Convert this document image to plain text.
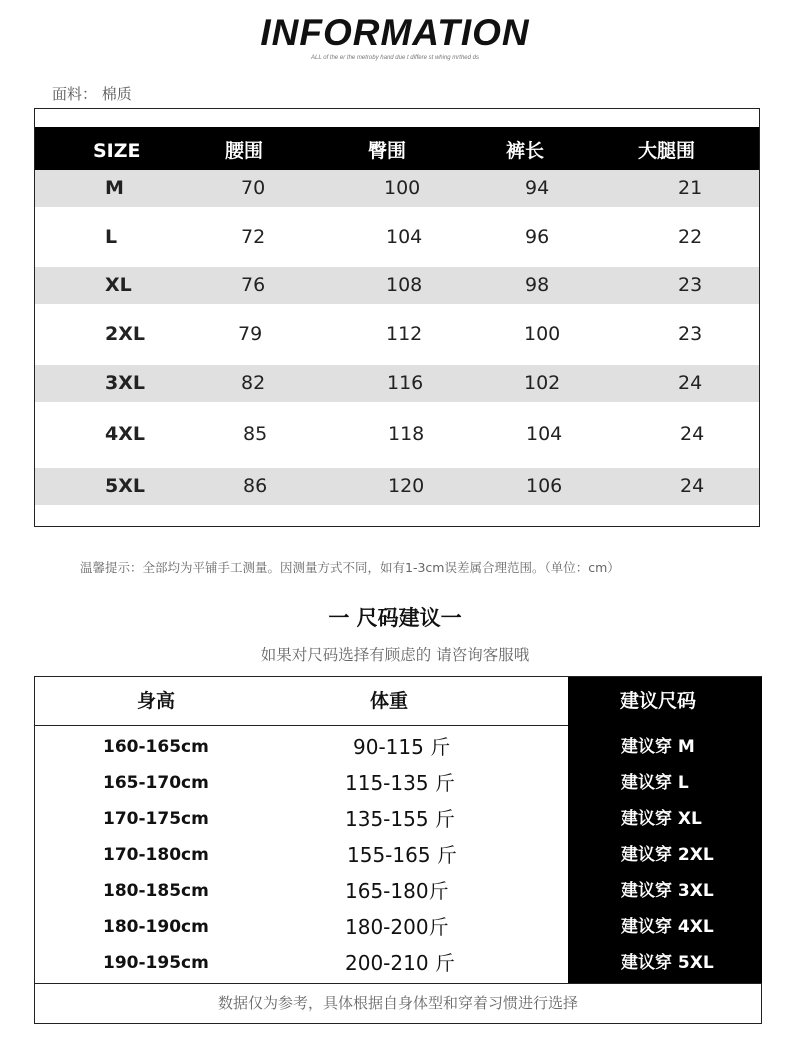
INFORMATION
ALL of the er the metroby hand due t differe st whing mrthed ds
面料： 棉质
SIZE	腰围	臀围	裤长	大腿围
M	70	100	94	21
L	72	104	96	22
XL	76	108	98	23
2XL	79	112	100	23
3XL	82	116	102	24
4XL	85	118	104	24
5XL	86	120	106	24
温馨提示：全部均为平铺手工测量。因测量方式不同，如有1-3cm误差属合理范围。（单位：cm）
一 尺码建议一
如果对尺码选择有顾虑的 请咨询客服哦
身高	体重	建议尺码
160-165cm	90-115 斤	建议穿 M
165-170cm	115-135 斤	建议穿 L
170-175cm	135-155 斤	建议穿 XL
170-180cm	155-165 斤	建议穿 2XL
180-185cm	165-180斤	建议穿 3XL
180-190cm	180-200斤	建议穿 4XL
190-195cm	200-210 斤	建议穿 5XL
数据仅为参考，具体根据自身体型和穿着习惯进行选择
